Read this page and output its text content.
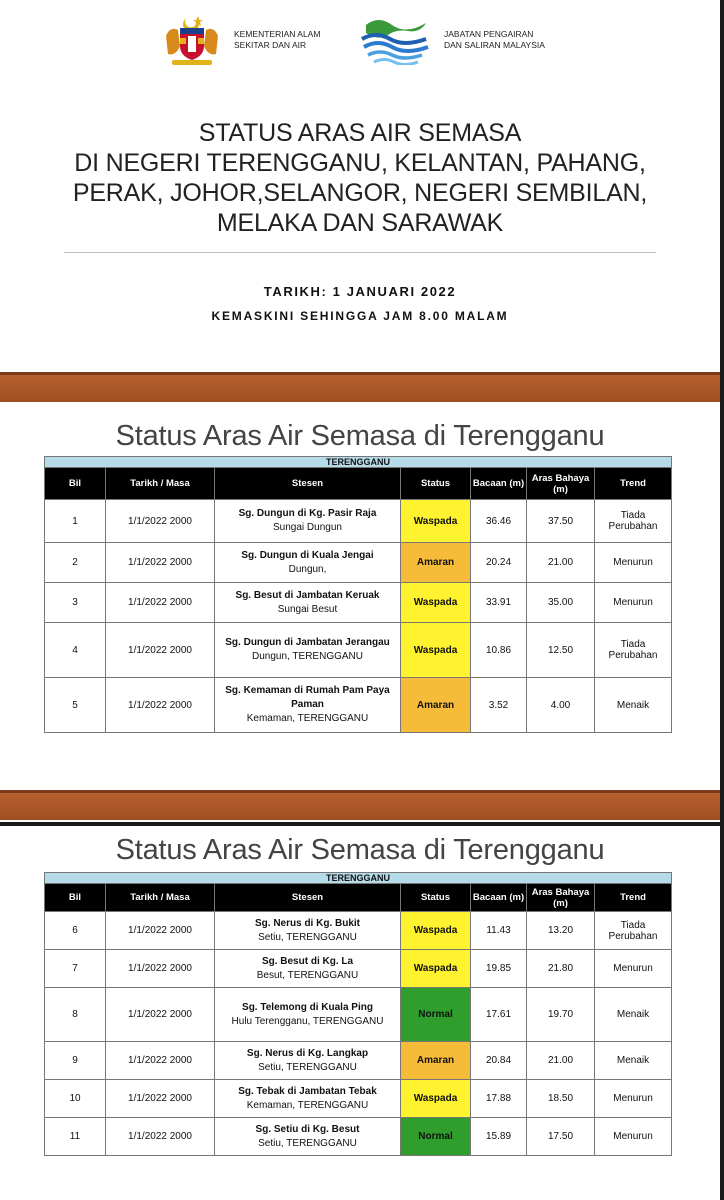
KEMENTERIAN ALAM
SEKITAR DAN AIR
JABATAN PENGAIRAN
DAN SALIRAN MALAYSIA
STATUS ARAS AIR SEMASA
DI NEGERI TERENGGANU, KELANTAN, PAHANG,
PERAK, JOHOR,SELANGOR, NEGERI SEMBILAN,
MELAKA DAN SARAWAK
TARIKH: 1 JANUARI 2022
KEMASKINI SEHINGGA JAM 8.00 MALAM
Status Aras Air Semasa di Terengganu
TERENGGANU						
Bil	Tarikh / Masa	Stesen	Status	Bacaan (m)	Aras Bahaya (m)	Trend
1	1/1/2022 2000	Sg. Dungun di Kg. Pasir Raja
Sungai Dungun	Waspada	36.46	37.50	Tiada Perubahan
2	1/1/2022 2000	Sg. Dungun di Kuala Jengai
Dungun,	Amaran	20.24	21.00	Menurun
3	1/1/2022 2000	Sg. Besut di Jambatan Keruak
Sungai Besut	Waspada	33.91	35.00	Menurun
4	1/1/2022 2000	Sg. Dungun di Jambatan Jerangau
Dungun, TERENGGANU	Waspada	10.86	12.50	Tiada Perubahan
5	1/1/2022 2000	Sg. Kemaman di Rumah Pam Paya Paman
Kemaman, TERENGGANU	Amaran	3.52	4.00	Menaik
Status Aras Air Semasa di Terengganu
TERENGGANU						
Bil	Tarikh / Masa	Stesen	Status	Bacaan (m)	Aras Bahaya (m)	Trend
6	1/1/2022 2000	Sg. Nerus di Kg. Bukit
Setiu, TERENGGANU	Waspada	11.43	13.20	Tiada Perubahan
7	1/1/2022 2000	Sg. Besut di Kg. La
Besut, TERENGGANU	Waspada	19.85	21.80	Menurun
8	1/1/2022 2000	Sg. Telemong di Kuala Ping
Hulu Terengganu, TERENGGANU	Normal	17.61	19.70	Menaik
9	1/1/2022 2000	Sg. Nerus di Kg. Langkap
Setiu, TERENGGANU	Amaran	20.84	21.00	Menaik
10	1/1/2022 2000	Sg. Tebak di Jambatan Tebak
Kemaman, TERENGGANU	Waspada	17.88	18.50	Menurun
11	1/1/2022 2000	Sg. Setiu di Kg. Besut
Setiu, TERENGGANU	Normal	15.89	17.50	Menurun
